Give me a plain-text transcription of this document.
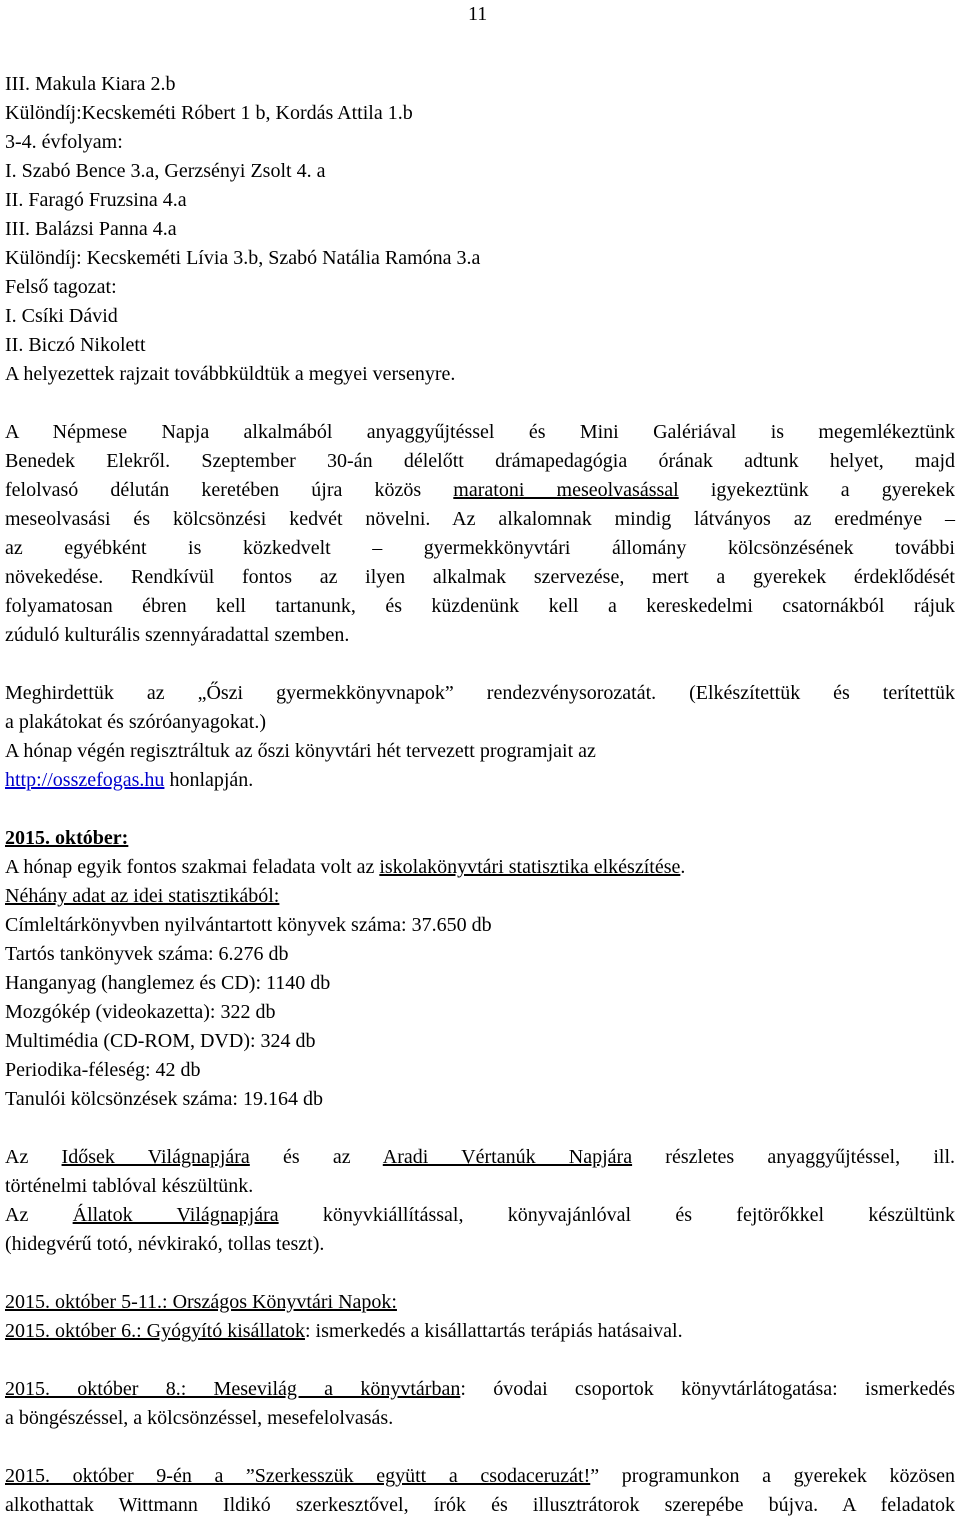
11
III. Makula Kiara 2.b
Különdíj:Kecskeméti Róbert 1 b, Kordás Attila 1.b
3-4. évfolyam:
I. Szabó Bence 3.a, Gerzsényi Zsolt 4. a
II. Faragó Fruzsina 4.a
III. Balázsi Panna 4.a
Különdíj: Kecskeméti Lívia 3.b, Szabó Natália Ramóna 3.a
Felső tagozat:
I. Csíki Dávid
II. Biczó Nikolett
A helyezettek rajzait továbbküldtük a megyei versenyre.
A Népmese Napja alkalmából anyaggyűjtéssel és Mini Galériával is megemlékeztünk
Benedek Elekről. Szeptember 30-án délelőtt drámapedagógia órának adtunk helyet, majd
felolvasó délután keretében újra közös maratoni meseolvasással igyekeztünk a gyerekek
meseolvasási és kölcsönzési kedvét növelni. Az alkalomnak mindig látványos az eredménye –
az egyébként is közkedvelt – gyermekkönyvtári állomány kölcsönzésének további
növekedése. Rendkívül fontos az ilyen alkalmak szervezése, mert a gyerekek érdeklődését
folyamatosan ébren kell tartanunk, és küzdenünk kell a kereskedelmi csatornákból rájuk
zúduló kulturális szennyáradattal szemben.
Meghirdettük az „Őszi gyermekkönyvnapok” rendezvénysorozatát. (Elkészítettük és terítettük
a plakátokat és szóróanyagokat.)
A hónap végén regisztráltuk az őszi könyvtári hét tervezett programjait az
http://osszefogas.hu honlapján.
2015. október:
A hónap egyik fontos szakmai feladata volt az iskolakönyvtári statisztika elkészítése.
Néhány adat az idei statisztikából:
Címleltárkönyvben nyilvántartott könyvek száma: 37.650 db
Tartós tankönyvek száma: 6.276 db
Hanganyag (hanglemez és CD): 1140 db
Mozgókép (videokazetta): 322 db
Multimédia (CD-ROM, DVD): 324 db
Periodika-féleség: 42 db
Tanulói kölcsönzések száma: 19.164 db
Az Idősek Világnapjára és az Aradi Vértanúk Napjára részletes anyaggyűjtéssel, ill.
történelmi tablóval készültünk.
Az Állatok Világnapjára könyvkiállítással, könyvajánlóval és fejtörőkkel készültünk
(hidegvérű totó, névkirakó, tollas teszt).
2015. október 5-11.: Országos Könyvtári Napok:
2015. október 6.: Gyógyító kisállatok: ismerkedés a kisállattartás terápiás hatásaival.
2015. október 8.: Mesevilág a könyvtárban: óvodai csoportok könyvtárlátogatása: ismerkedés
a böngészéssel, a kölcsönzéssel, mesefelolvasás.
2015. október 9-én a ”Szerkesszük együtt a csodaceruzát!” programunkon a gyerekek közösen
alkothattak Wittmann Ildikó szerkesztővel, írók és illusztrátorok szerepébe bújva. A feladatok
